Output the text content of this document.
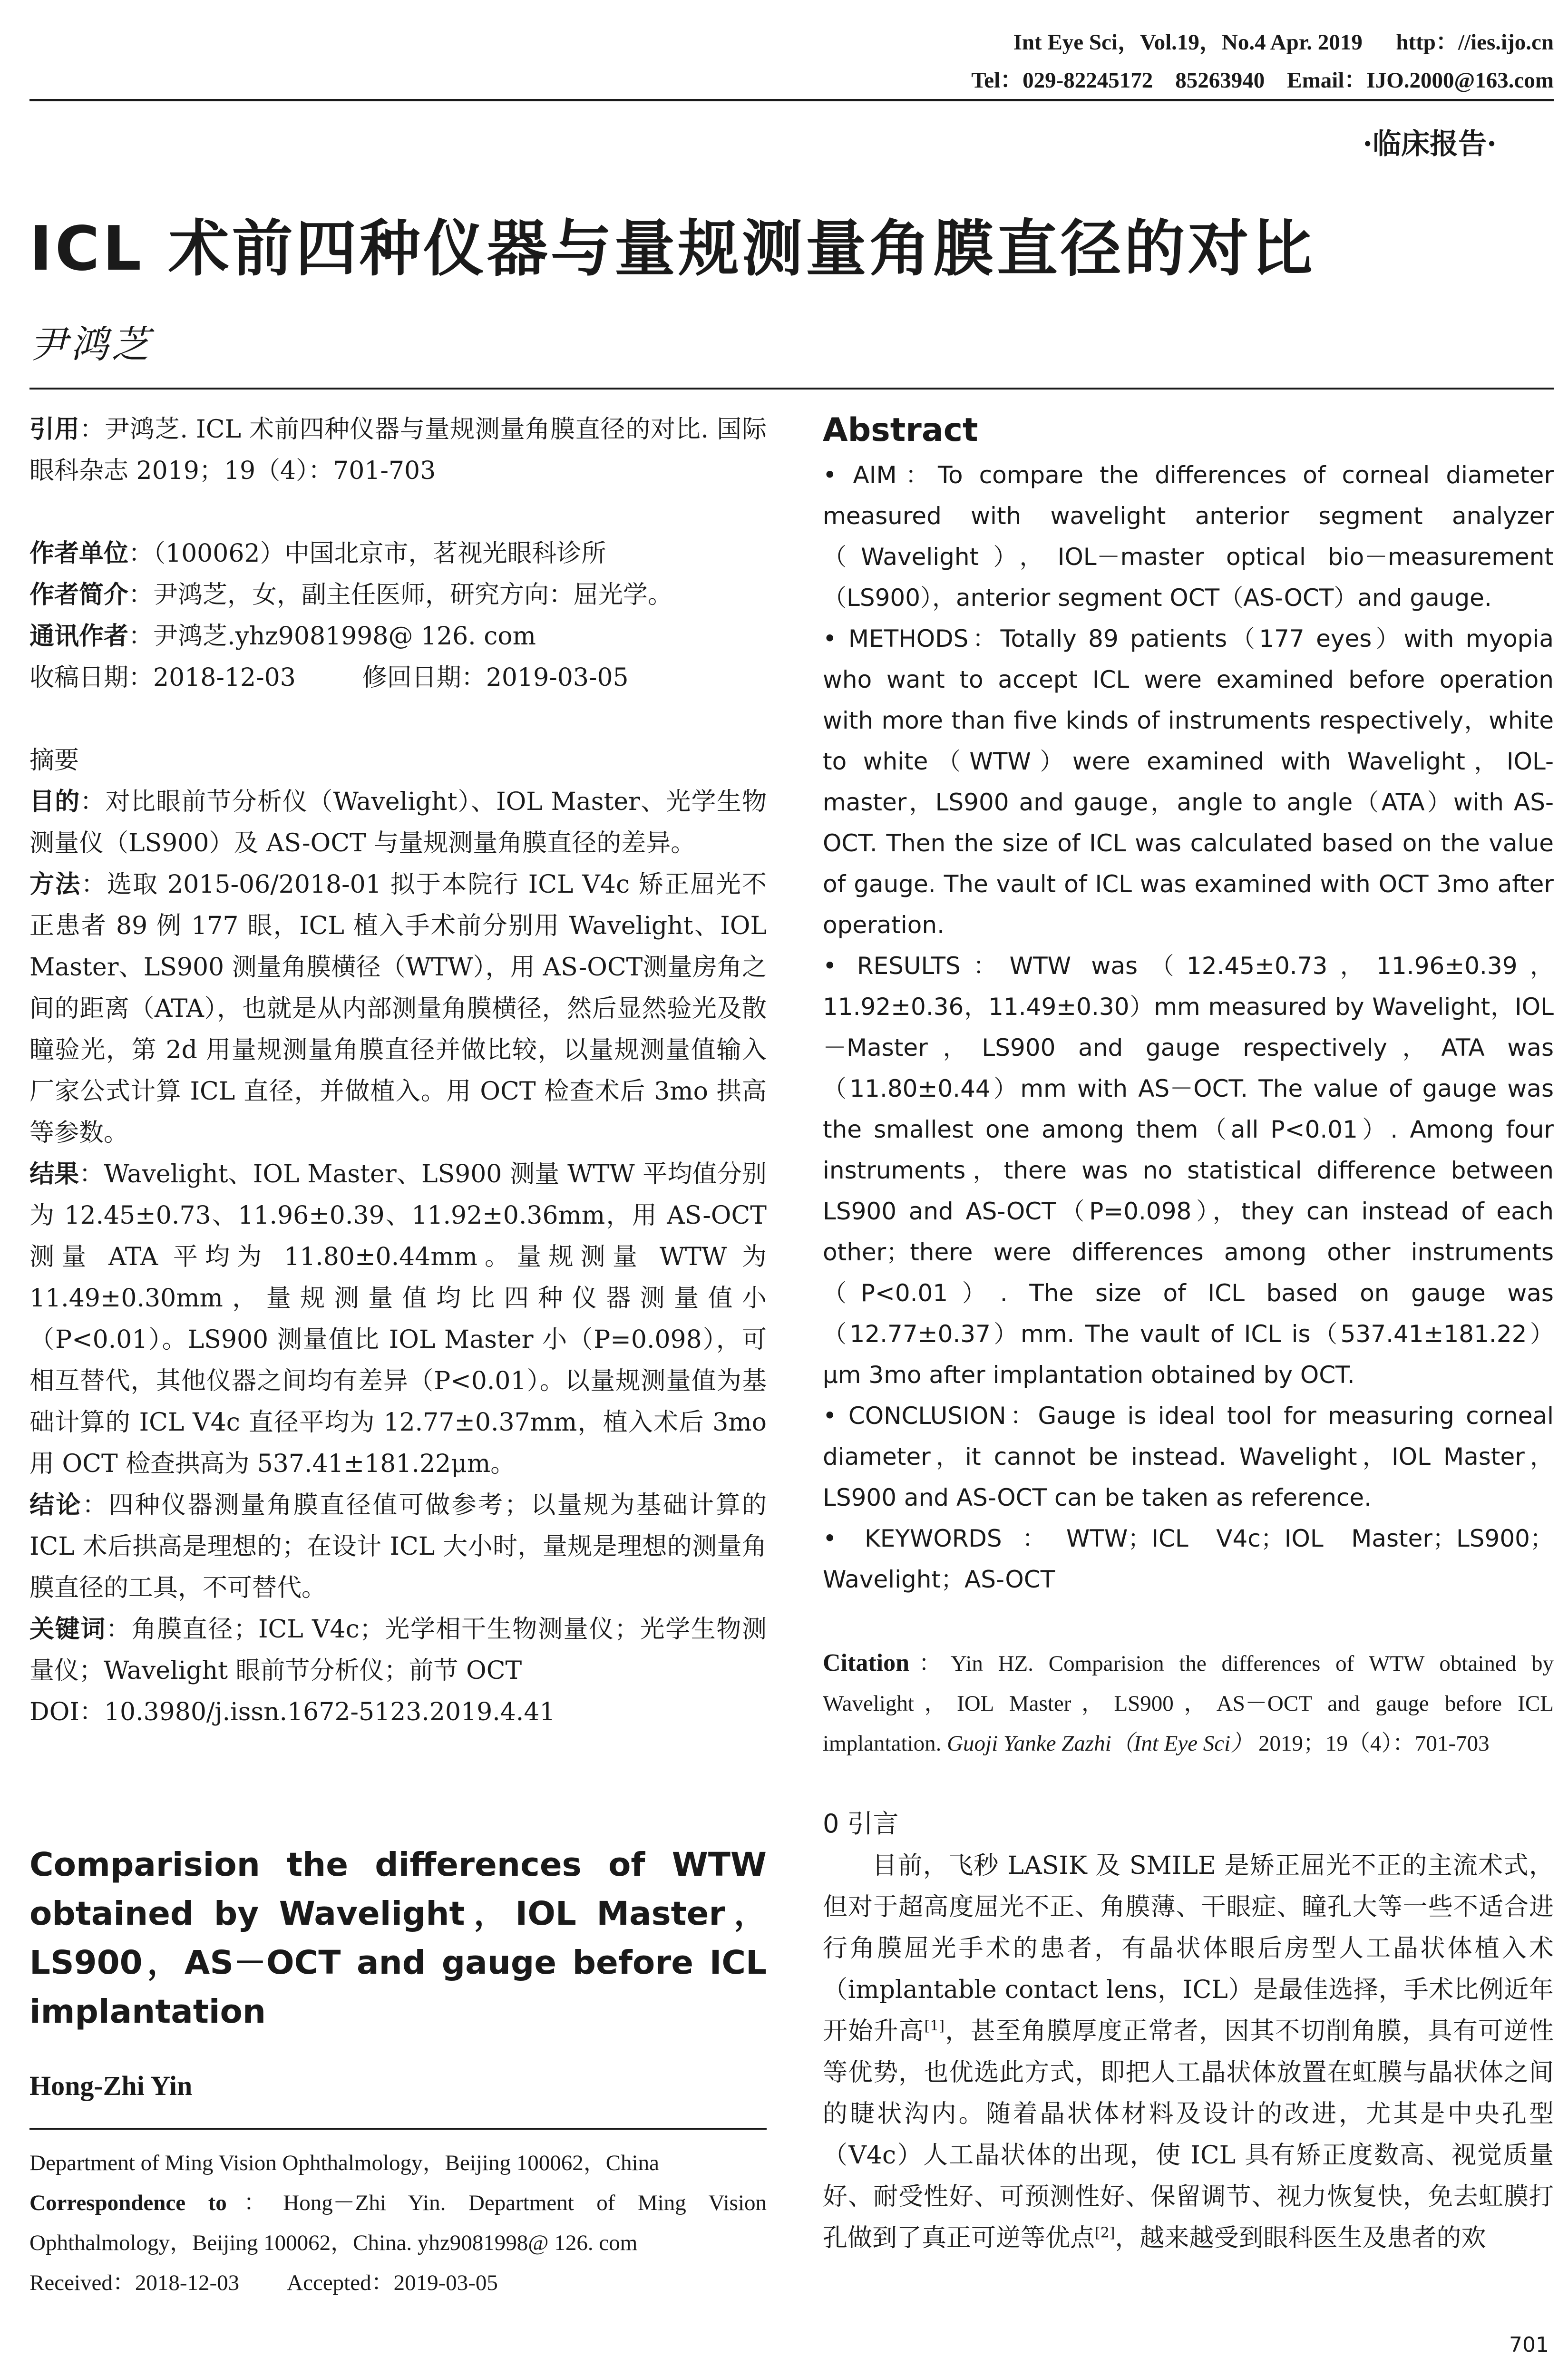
Int Eye Sci，Vol.19，No.4 Apr. 2019      http：//ies.ijo.cn
Tel：029-82245172    85263940    Email：IJO.2000@163.com
·临床报告·
ICL 术前四种仪器与量规测量角膜直径的对比
尹鸿芝

引用：尹鸿芝. ICL 术前四种仪器与量规测量角膜直径的对比. 国际眼科杂志 2019；19（4）：701-703

作者单位：（100062）中国北京市，茗视光眼科诊所

作者简介：尹鸿芝，女，副主任医师，研究方向：屈光学。

通讯作者：尹鸿芝.yhz9081998@ 126. com

收稿日期：2018-12-03	修回日期：2019-03-05

摘要

目的：对比眼前节分析仪（Wavelight）、IOL Master、光学生物测量仪（LS900）及 AS-OCT 与量规测量角膜直径的差异。

方法：选取 2015-06/2018-01 拟于本院行 ICL V4c 矫正屈光不正患者 89 例 177 眼，ICL 植入手术前分别用 Wavelight、IOL Master、LS900 测量角膜横径（WTW），用 AS-OCT测量房角之间的距离（ATA），也就是从内部测量角膜横径，然后显然验光及散瞳验光，第 2d 用量规测量角膜直径并做比较，以量规测量值输入厂家公式计算 ICL 直径，并做植入。用 OCT 检查术后 3mo 拱高等参数。

结果：Wavelight、IOL Master、LS900 测量 WTW 平均值分别为 12.45±0.73、11.96±0.39、11.92±0.36mm，用 AS-OCT 测量 ATA 平均为 11.80±0.44mm。量规测量 WTW 为 11.49±0.30mm，量规测量值均比四种仪器测量值小（P<0.01）。LS900 测量值比 IOL Master 小（P=0.098），可相互替代，其他仪器之间均有差异（P<0.01）。以量规测量值为基础计算的 ICL V4c 直径平均为 12.77±0.37mm，植入术后 3mo 用 OCT 检查拱高为 537.41±181.22μm。

结论：四种仪器测量角膜直径值可做参考；以量规为基础计算的 ICL 术后拱高是理想的；在设计 ICL 大小时，量规是理想的测量角膜直径的工具，不可替代。

关键词：角膜直径；ICL V4c；光学相干生物测量仪；光学生物测量仪；Wavelight 眼前节分析仪；前节 OCT

DOI：10.3980/j.issn.1672-5123.2019.4.41

Comparision the differences of WTW obtained by Wavelight，IOL Master，LS900，AS－OCT and gauge before ICL implantation
Hong-Zhi Yin

Department of Ming Vision Ophthalmology，Beijing 100062，China

Correspondence to：Hong－Zhi Yin. Department of Ming Vision Ophthalmology，Beijing 100062，China. yhz9081998@ 126. com

Received：2018-12-03 Accepted：2019-03-05

Abstract

• AIM：To compare the differences of corneal diameter measured with wavelight anterior segment analyzer（Wavelight），IOL－master optical bio－measurement（LS900），anterior segment OCT（AS-OCT）and gauge.

• METHODS：Totally 89 patients（177 eyes）with myopia who want to accept ICL were examined before operation with more than five kinds of instruments respectively，white to white（WTW）were examined with Wavelight，IOL-master，LS900 and gauge，angle to angle（ATA）with AS-OCT. Then the size of ICL was calculated based on the value of gauge. The vault of ICL was examined with OCT 3mo after operation.

• RESULTS：WTW was（12.45±0.73，11.96±0.39，11.92±0.36，11.49±0.30）mm measured by Wavelight，IOL－Master，LS900 and gauge respectively，ATA was（11.80±0.44）mm with AS－OCT. The value of gauge was the smallest one among them（all P<0.01）. Among four instruments，there was no statistical difference between LS900 and AS-OCT（P=0.098），they can instead of each other；there were differences among other instruments（P<0.01）. The size of ICL based on gauge was（12.77±0.37）mm. The vault of ICL is（537.41±181.22）μm 3mo after implantation obtained by OCT.

• CONCLUSION：Gauge is ideal tool for measuring corneal diameter，it cannot be instead. Wavelight，IOL Master，LS900 and AS-OCT can be taken as reference.

• KEYWORDS：WTW；ICL V4c；IOL Master；LS900；Wavelight；AS-OCT

Citation：Yin HZ. Comparision the differences of WTW obtained by Wavelight，IOL Master，LS900，AS－OCT and gauge before ICL implantation. Guoji Yanke Zazhi（Int Eye Sci） 2019；19（4）：701-703
0 引言

目前，飞秒 LASIK 及 SMILE 是矫正屈光不正的主流术式，但对于超高度屈光不正、角膜薄、干眼症、瞳孔大等一些不适合进行角膜屈光手术的患者，有晶状体眼后房型人工晶状体植入术（implantable contact lens，ICL）是最佳选择，手术比例近年开始升高[1]，甚至角膜厚度正常者，因其不切削角膜，具有可逆性等优势，也优选此方式，即把人工晶状体放置在虹膜与晶状体之间的睫状沟内。随着晶状体材料及设计的改进，尤其是中央孔型（V4c）人工晶状体的出现，使 ICL 具有矫正度数高、视觉质量好、耐受性好、可预测性好、保留调节、视力恢复快，免去虹膜打孔做到了真正可逆等优点[2]，越来越受到眼科医生及患者的欢

701
